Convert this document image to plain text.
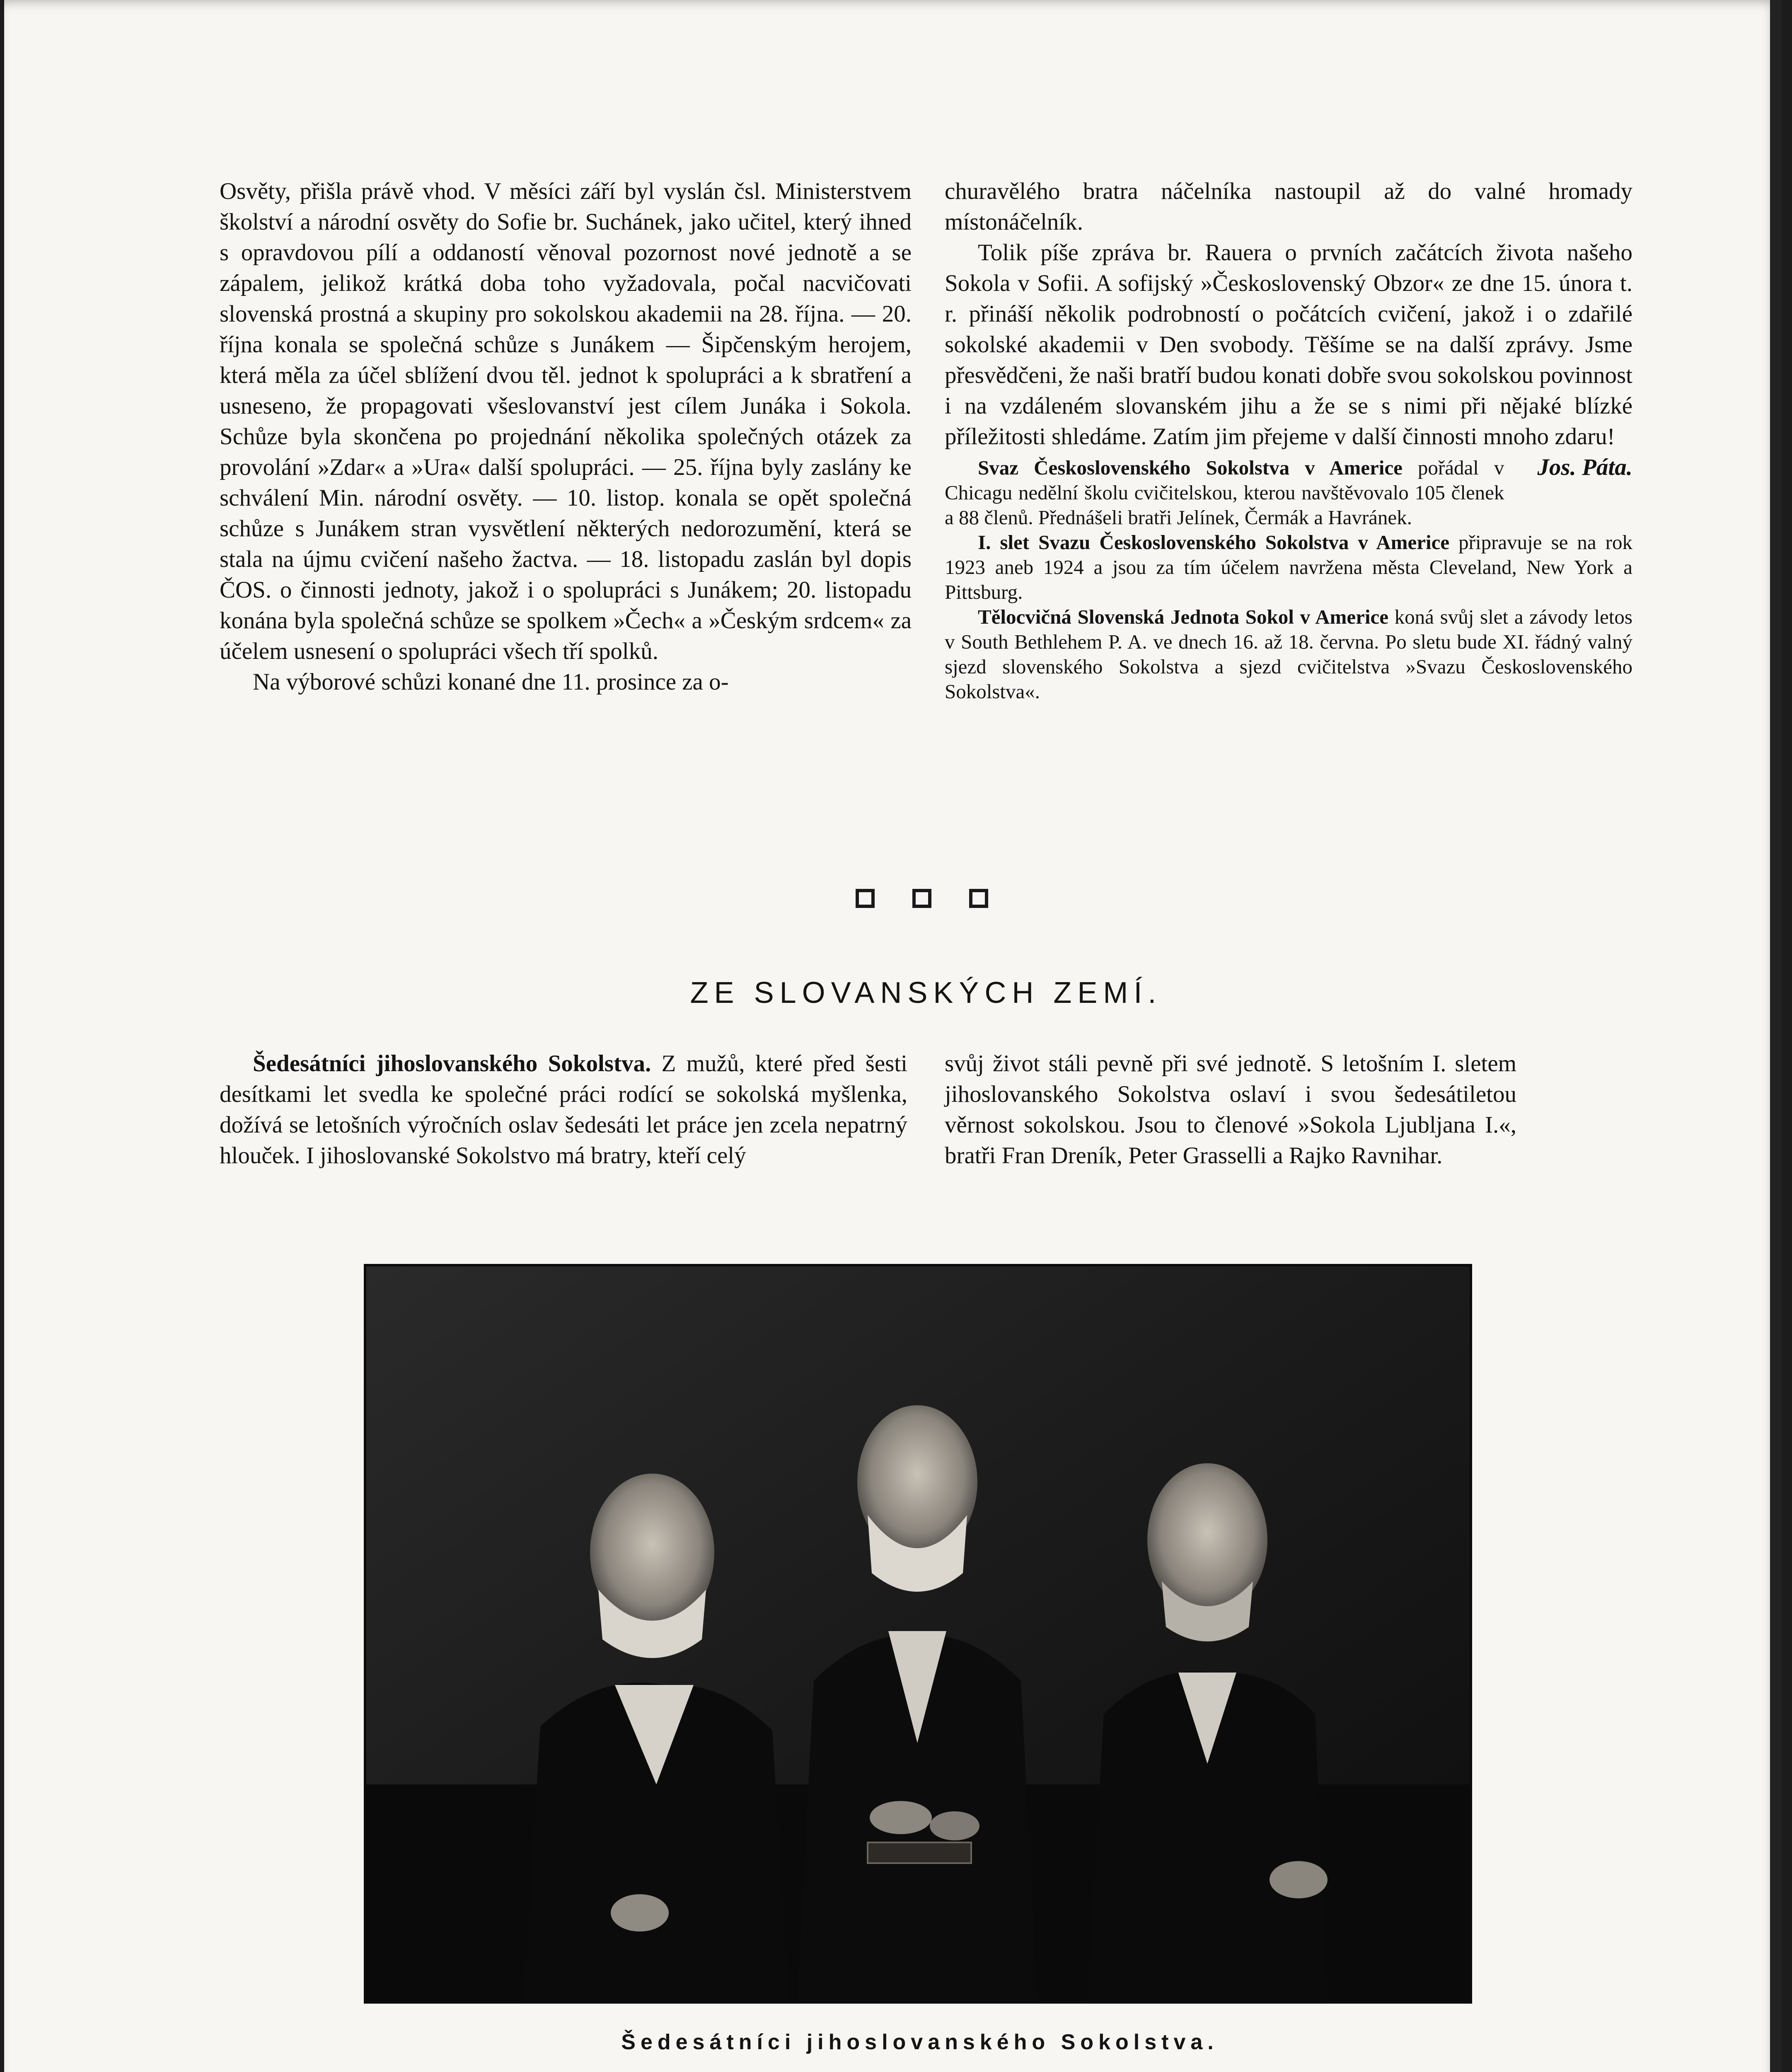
Osvěty, přišla právě vhod. V měsíci září byl vyslán čsl. Ministerstvem školství a národní osvěty do Sofie br. Suchánek, jako učitel, který ihned s opravdovou pílí a oddaností věnoval pozornost nové jednotě a se zápalem, jelikož krátká doba toho vyžadovala, počal nacvičovati slovenská prostná a skupiny pro sokolskou akademii na 28. října. — 20. října konala se společná schůze s Junákem — Šipčenským herojem, která měla za účel sblížení dvou těl. jednot k spolupráci a k sbratření a usneseno, že propagovati všeslovanství jest cílem Junáka i Sokola. Schůze byla skončena po projednání několika společných otázek za provolání »Zdar« a »Ura« další spolupráci. — 25. října byly zaslány ke schválení Min. národní osvěty. — 10. listop. konala se opět společná schůze s Junákem stran vysvětlení některých nedorozumění, která se stala na újmu cvičení našeho žactva. — 18. listopadu zaslán byl dopis ČOS. o činnosti jednoty, jakož i o spolupráci s Junákem; 20. listopadu konána byla společná schůze se spolkem »Čech« a »Českým srdcem« za účelem usnesení o spolupráci všech tří spolků.

Na výborové schůzi konané dne 11. prosince za o-

churavělého bratra náčelníka nastoupil až do valné hromady místonáčelník.

Tolik píše zpráva br. Rauera o prvních začátcích života našeho Sokola v Sofii. A sofijský »Československý Obzor« ze dne 15. února t. r. přináší několik podrobností o počátcích cvičení, jakož i o zdařilé sokolské akademii v Den svobody. Těšíme se na další zprávy. Jsme přesvědčeni, že naši bratří budou konati dobře svou sokolskou povinnost i na vzdáleném slovanském jihu a že se s nimi při nějaké blízké příležitosti shledáme. Zatím jim přejeme v další činnosti mnoho zdaru!
Jos. Páta.

Svaz Československého Sokolstva v Americe pořádal v Chicagu nedělní školu cvičitelskou, kterou navštěvovalo 105 členek a 88 členů. Přednášeli bratři Jelínek, Čermák a Havránek.

I. slet Svazu Československého Sokolstva v Americe připravuje se na rok 1923 aneb 1924 a jsou za tím účelem navržena města Cleveland, New York a Pittsburg.

Tělocvičná Slovenská Jednota Sokol v Americe koná svůj slet a závody letos v South Bethlehem P. A. ve dnech 16. až 18. června. Po sletu bude XI. řádný valný sjezd slovenského Sokolstva a sjezd cvičitelstva »Svazu Československého Sokolstva«.

ZE SLOVANSKÝCH ZEMÍ.

Šedesátníci jihoslovanského Sokolstva. Z mužů, které před šesti desítkami let svedla ke společné práci rodící se sokolská myšlenka, dožívá se letošních výročních oslav šedesáti let práce jen zcela nepatrný hlouček. I jihoslovanské Sokolstvo má bratry, kteří celý

svůj život stáli pevně při své jednotě. S letošním I. sletem jihoslovanského Sokolstva oslaví i svou šedesátiletou věrnost sokolskou. Jsou to členové »Sokola Ljubljana I.«, bratři Fran Dreník, Peter Grasselli a Rajko Ravnihar.

Šedesátníci jihoslovanského Sokolstva.
